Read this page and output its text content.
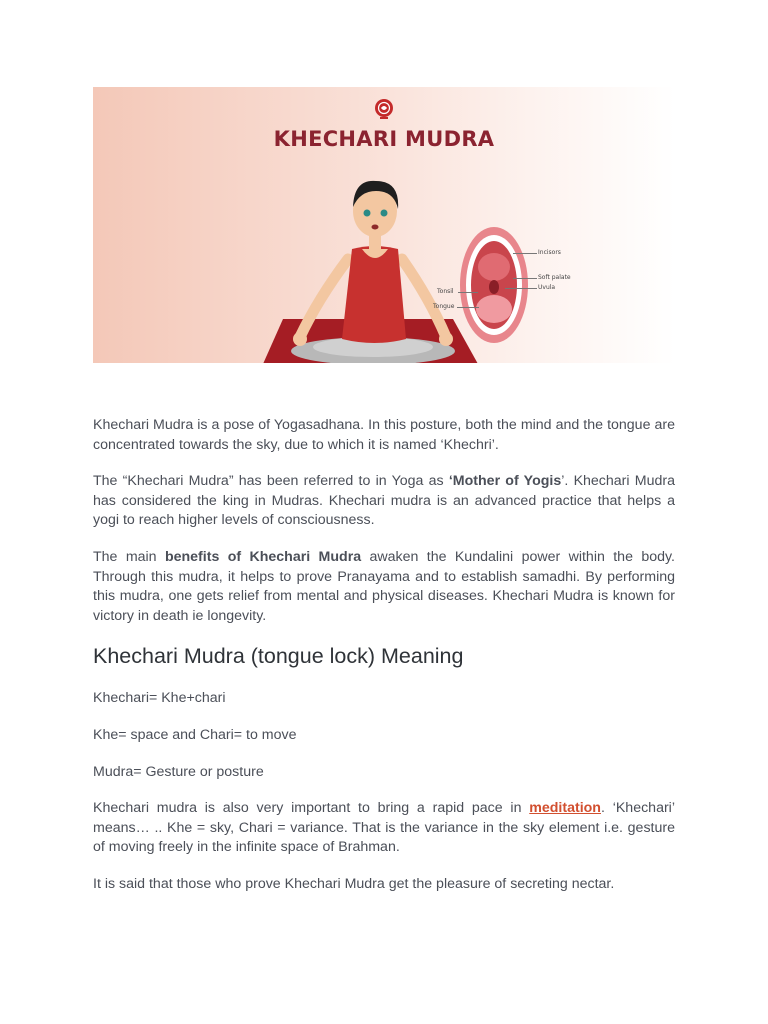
KHECHARI MUDRA
Incisors
Soft palate
Uvula
Tonsil
Tongue

Khechari Mudra is a pose of Yogasadhana. In this posture, both the mind and the tongue are concentrated towards the sky, due to which it is named ‘Khechri’.

The “Khechari Mudra” has been referred to in Yoga as ‘Mother of Yogis’. Khechari Mudra has considered the king in Mudras. Khechari mudra is an advanced practice that helps a yogi to reach higher levels of consciousness.

The main benefits of Khechari Mudra awaken the Kundalini power within the body. Through this mudra, it helps to prove Pranayama and to establish samadhi. By performing this mudra, one gets relief from mental and physical diseases. Khechari Mudra is known for victory in death ie longevity.

Khechari Mudra (tongue lock) Meaning

Khechari= Khe+chari

Khe= space and Chari= to move

Mudra= Gesture or posture

Khechari mudra is also very important to bring a rapid pace in meditation. ‘Khechari’ means… .. Khe = sky, Chari = variance. That is the variance in the sky element i.e. gesture of moving freely in the infinite space of Brahman.

It is said that those who prove Khechari Mudra get the pleasure of secreting nectar.
